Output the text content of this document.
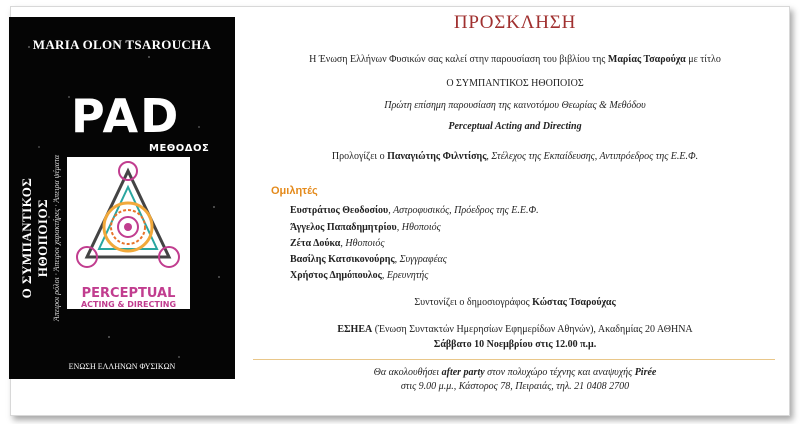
MARIA OLON TSAROUCHA
Ο ΣΥΜΠΑΝΤΙΚΟΣ ΗΘΟΠΟΙΟΣ Άπειροι ρόλοι · Άπειροι χαρακτήρες · Άπειρα ψέματα
PAD
ΜΕΘΟΔΟΣ
PERCEPTUAL
ACTING & DIRECTING
ΕΝΩΣΗ ΕΛΛΗΝΩΝ ΦΥΣΙΚΩΝ
ΠΡΟΣΚΛΗΣΗ
Η Ένωση Ελλήνων Φυσικών σας καλεί στην παρουσίαση του βιβλίου της Μαρίας Τσαρούχα με τίτλο
Ο ΣΥΜΠΑΝΤΙΚΟΣ ΗΘΟΠΟΙΟΣ
Πρώτη επίσημη παρουσίαση της καινοτόμου Θεωρίας & Μεθόδου
Perceptual Acting and Directing
Προλογίζει ο Παναγιώτης Φιλντίσης, Στέλεχος της Εκπαίδευσης, Αντιπρόεδρος της Ε.Ε.Φ.
Ομιλητές
Ευστράτιος Θεοδοσίου, Αστροφυσικός, Πρόεδρος της Ε.Ε.Φ.
Άγγελος Παπαδημητρίου, Ηθοποιός
Ζέτα Δούκα, Ηθοποιός
Βασίλης Κατσικονούρης, Συγγραφέας
Χρήστος Δημόπουλος, Ερευνητής
Συντονίζει ο δημοσιογράφος Κώστας Τσαρούχας
ΕΣΗΕΑ (Ένωση Συντακτών Ημερησίων Εφημερίδων Αθηνών), Ακαδημίας 20 ΑΘΗΝΑ
Σάββατο 10 Νοεμβρίου στις 12.00 π.μ.
Θα ακολουθήσει after party στον πολυχώρο τέχνης και αναψυχής Pirée
στις 9.00 μ.μ., Κάστορος 78, Πειραιάς, τηλ. 21 0408 2700
